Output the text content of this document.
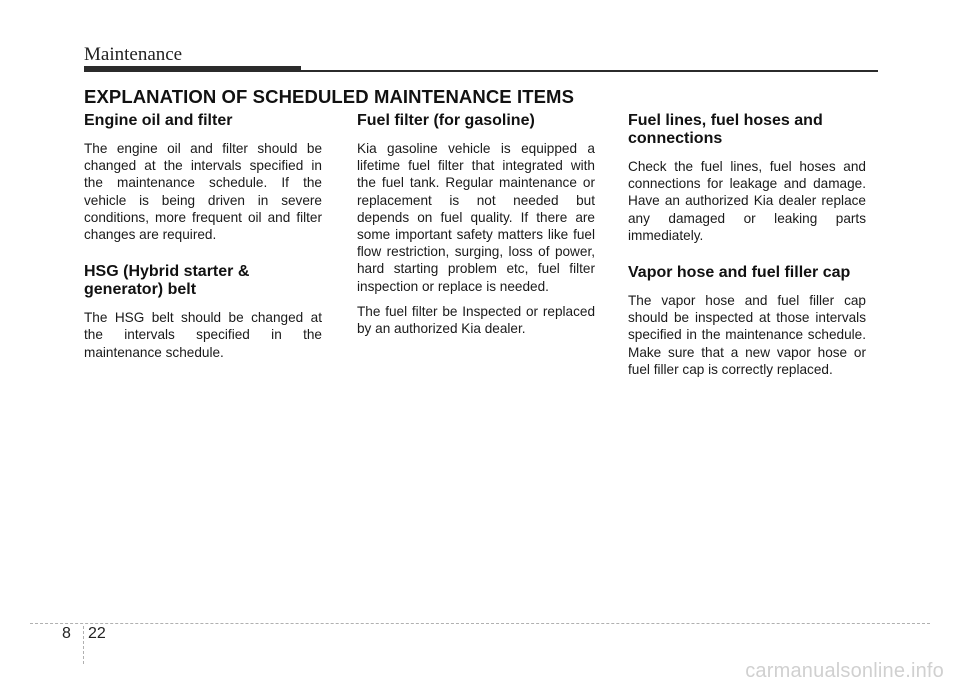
Maintenance
EXPLANATION OF SCHEDULED MAINTENANCE ITEMS
Engine oil and filter

The engine oil and filter should be changed at the intervals specified in the maintenance schedule. If the vehicle is being driven in severe conditions, more frequent oil and filter changes are required.

HSG (Hybrid starter & generator) belt

The HSG belt should be changed at the intervals specified in the maintenance schedule.

Fuel filter (for gasoline)

Kia gasoline vehicle is equipped a lifetime fuel filter that integrated with the fuel tank. Regular maintenance or replacement is not needed but depends on fuel quality. If there are some important safety matters like fuel flow restriction, surging, loss of power, hard starting problem etc, fuel filter inspection or replace is needed.

The fuel filter be Inspected or replaced by an authorized Kia dealer.

Fuel lines, fuel hoses and connections

Check the fuel lines, fuel hoses and connections for leakage and damage. Have an authorized Kia dealer replace any damaged or leaking parts immediately.

Vapor hose and fuel filler cap

The vapor hose and fuel filler cap should be inspected at those intervals specified in the maintenance schedule. Make sure that a new vapor hose or fuel filler cap is correctly replaced.

8 22
carmanualsonline.info
